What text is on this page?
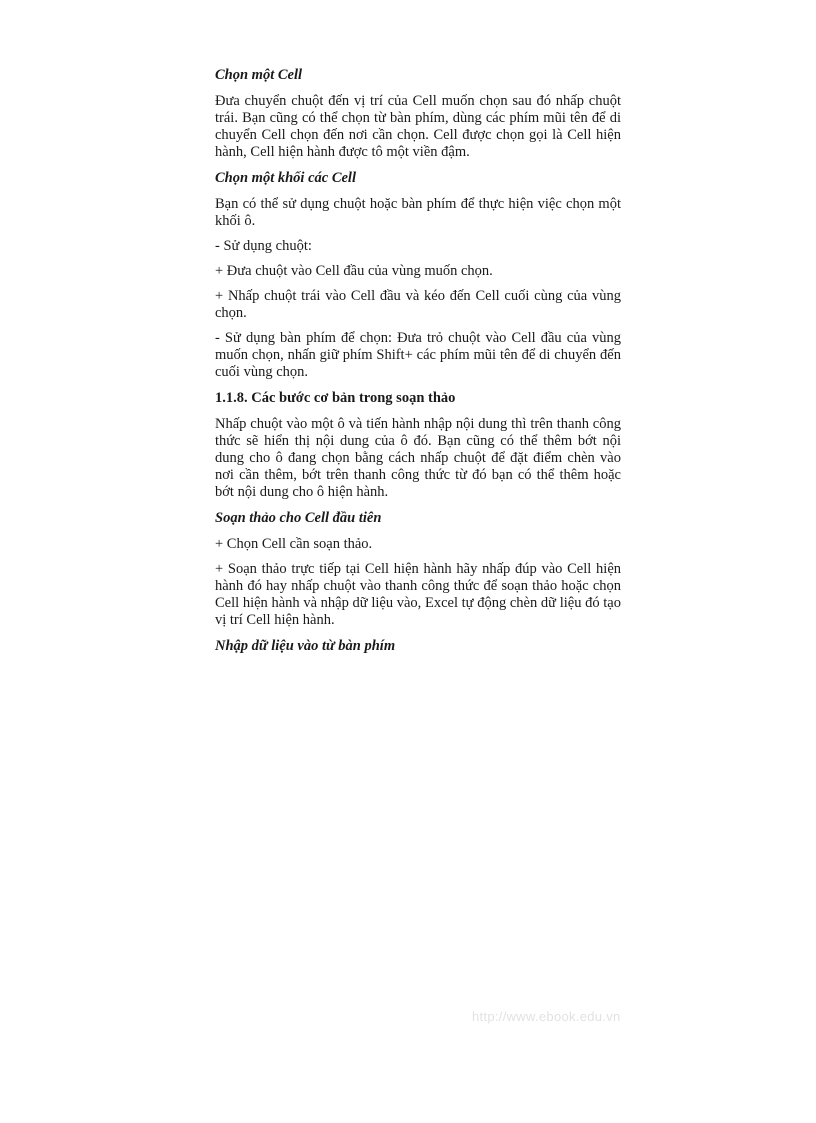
Chọn một Cell

Đưa chuyển chuột đến vị trí của Cell muốn chọn sau đó nhấp chuột trái. Bạn cũng có thể chọn từ bàn phím, dùng các phím mũi tên để di chuyển Cell chọn đến nơi cần chọn. Cell được chọn gọi là Cell hiện hành, Cell hiện hành được tô một viền đậm.

Chọn một khối các Cell

Bạn có thể sử dụng chuột hoặc bàn phím để thực hiện việc chọn một khối ô.

- Sử dụng chuột:

+ Đưa chuột vào Cell đầu của vùng muốn chọn.

+ Nhấp chuột trái vào Cell đầu và kéo đến Cell cuối cùng của vùng chọn.

- Sử dụng bàn phím để chọn: Đưa trỏ chuột vào Cell đầu của vùng muốn chọn, nhấn giữ phím Shift+ các phím mũi tên để di chuyển đến cuối vùng chọn.

1.1.8. Các bước cơ bản trong soạn thảo

Nhấp chuột vào một ô và tiến hành nhập nội dung thì trên thanh công thức sẽ hiển thị nội dung của ô đó. Bạn cũng có thể thêm bớt nội dung cho ô đang chọn bằng cách nhấp chuột để đặt điểm chèn vào nơi cần thêm, bớt trên thanh công thức từ đó bạn có thể thêm hoặc bớt nội dung cho ô hiện hành.

Soạn thảo cho Cell đầu tiên

+ Chọn Cell cần soạn thảo.

+ Soạn thảo trực tiếp tại Cell hiện hành hãy nhấp đúp vào Cell hiện hành đó hay nhấp chuột vào thanh công thức để soạn thảo hoặc chọn Cell hiện hành và nhập dữ liệu vào, Excel tự động chèn dữ liệu đó tạo vị trí Cell hiện hành.

Nhập dữ liệu vào từ bàn phím
http://www.ebook.edu.vn
